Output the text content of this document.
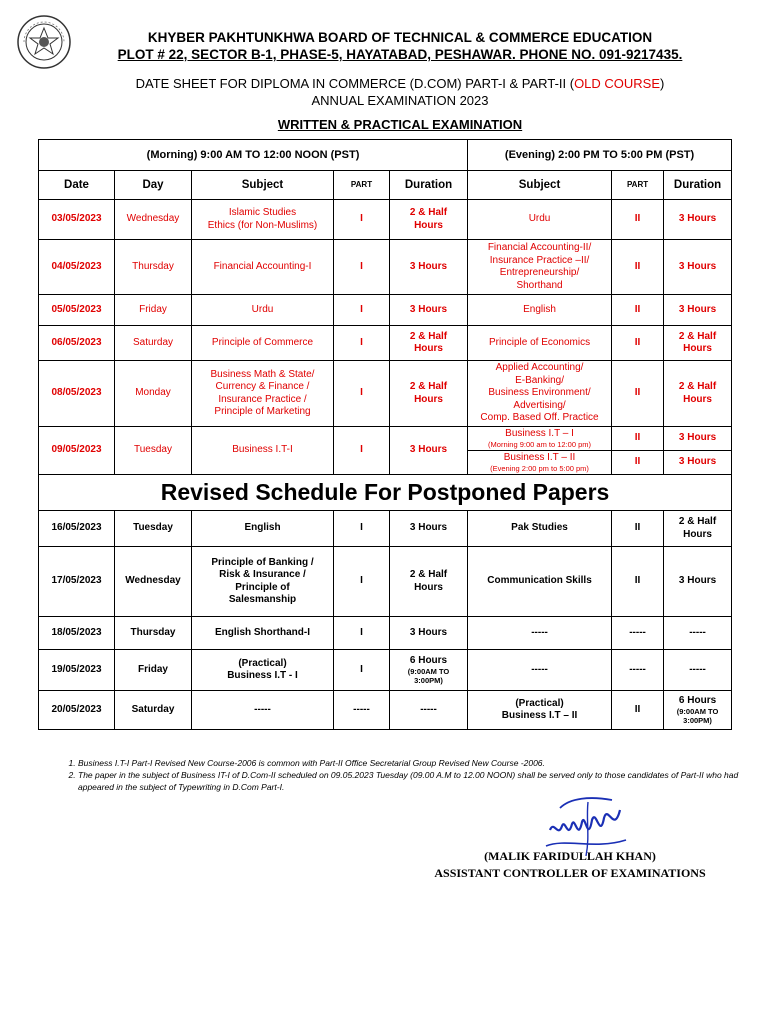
KHYBER PAKHTUNKHWA BOARD OF TECHNICAL & COMMERCE EDUCATION
PLOT # 22, SECTOR B-1, PHASE-5, HAYATABAD, PESHAWAR. PHONE NO. 091-9217435.
DATE SHEET FOR DIPLOMA IN COMMERCE (D.COM) PART-I & PART-II (OLD COURSE)
ANNUAL EXAMINATION 2023
WRITTEN & PRACTICAL EXAMINATION
(Morning) 9:00 AM TO 12:00 NOON (PST)					(Evening) 2:00 PM TO 5:00 PM (PST)		
Date	Day	Subject	PART	Duration	Subject	PART	Duration
03/05/2023	Wednesday	Islamic Studies
Ethics (for Non-Muslims)	I	2 & Half
Hours	Urdu	II	3 Hours
04/05/2023	Thursday	Financial Accounting-I	I	3 Hours	Financial Accounting-II/
Insurance Practice –II/
Entrepreneurship/
Shorthand	II	3 Hours
05/05/2023	Friday	Urdu	I	3 Hours	English	II	3 Hours
06/05/2023	Saturday	Principle of Commerce	I	2 & Half
Hours	Principle of Economics	II	2 & Half
Hours
08/05/2023	Monday	Business Math & State/
Currency & Finance /
Insurance Practice /
Principle of Marketing	I	2 & Half
Hours	Applied Accounting/
E-Banking/
Business Environment/
Advertising/
Comp. Based Off. Practice	II	2 & Half
Hours
09/05/2023	Tuesday	Business I.T-I	I	3 Hours	Business I.T – I
(Morning 9:00 am to 12:00 pm)	II	3 Hours
					Business I.T – II
(Evening 2:00 pm to 5:00 pm)	II	3 Hours
Revised Schedule For Postponed Papers							
16/05/2023	Tuesday	English	I	3 Hours	Pak Studies	II	2 & Half
Hours

17/05/2023	Wednesday	Principle of Banking /
Risk & Insurance /
Principle of
Salesmanship	I	2 & Half
Hours	Communication Skills	II	3 Hours

18/05/2023	Thursday	English Shorthand-I	I	3 Hours	-----	-----	-----

19/05/2023	Friday	(Practical)
Business I.T - I	I	6 Hours
(9:00AM TO
3:00PM)	-----	-----	-----

20/05/2023	Saturday	-----	-----	-----	(Practical)
Business I.T – II	II	6 Hours
(9:00AM TO
3:00PM)
1. Business I.T-I Part-I Revised New Course-2006 is common with Part-II Office Secretarial Group Revised New Course -2006.
2. The paper in the subject of Business IT-I of D.Com-II scheduled on 09.05.2023 Tuesday (09.00 A.M to 12.00 NOON) shall be served only to those candidates of Part-II who had appeared in the subject of Typewriting in D.Com Part-I.
(MALIK FARIDULLAH KHAN)
ASSISTANT CONTROLLER OF EXAMINATIONS
